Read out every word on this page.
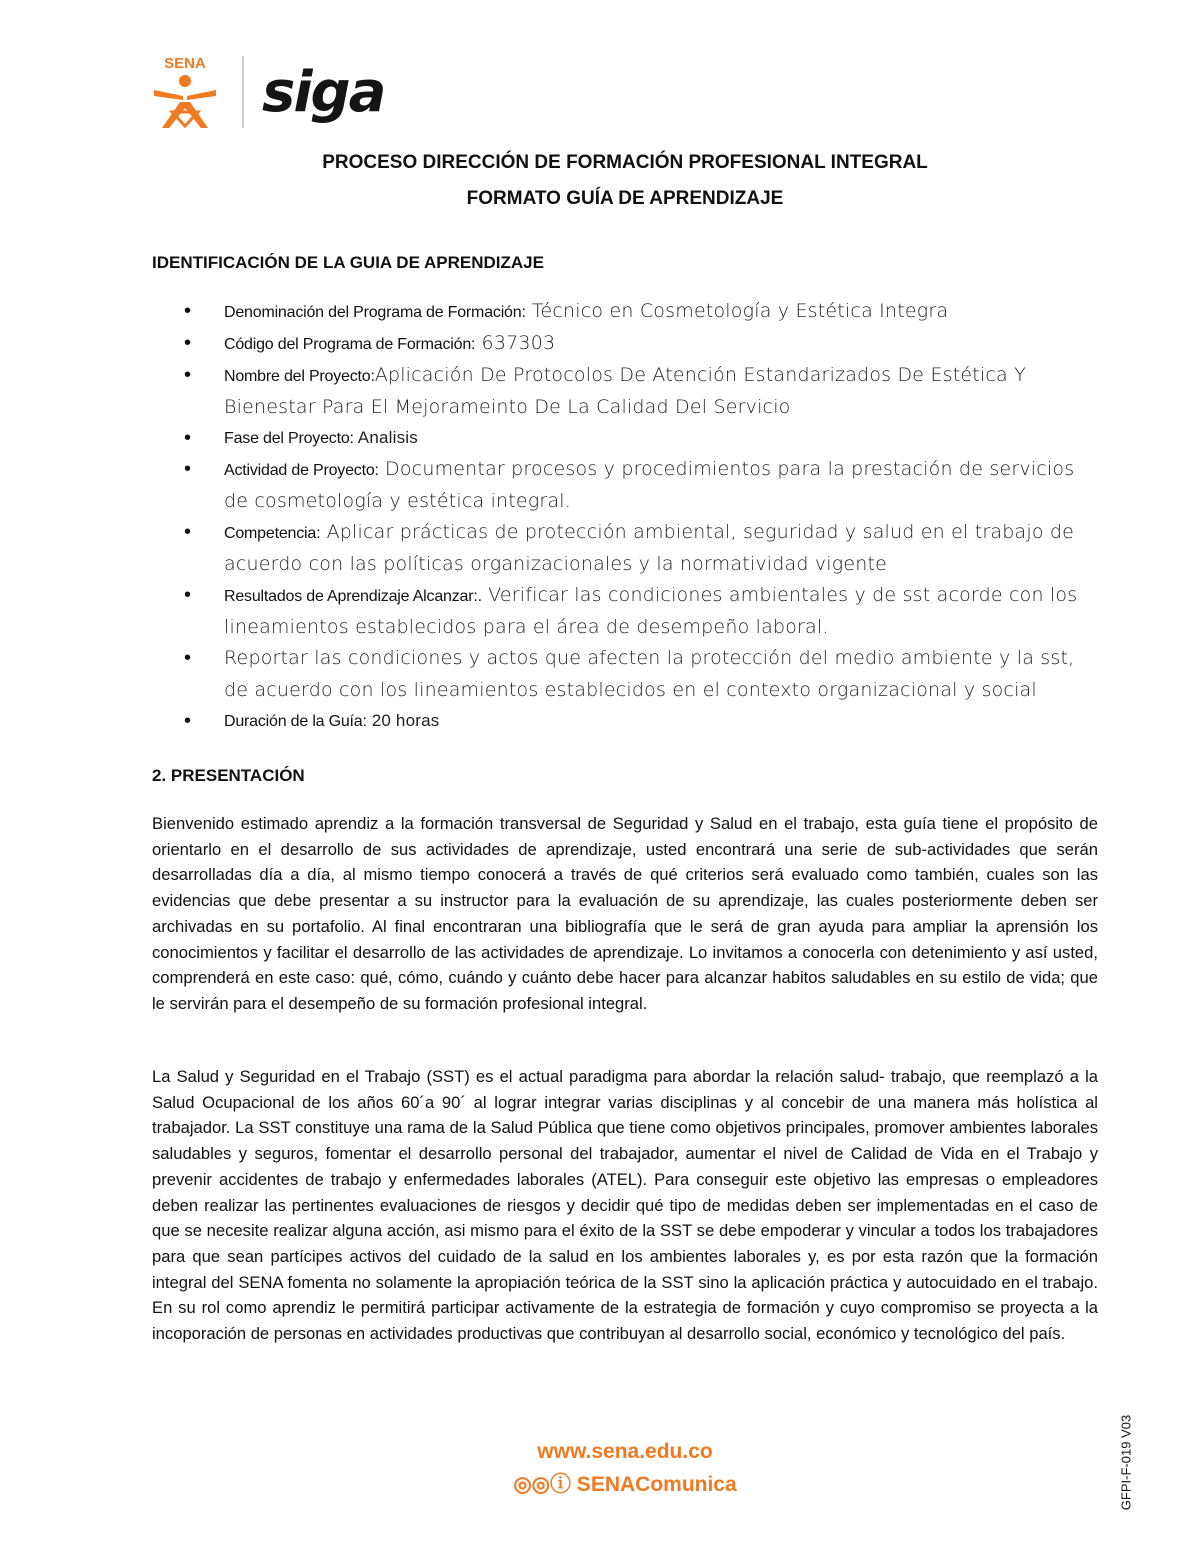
SENA siga
PROCESO DIRECCIÓN DE FORMACIÓN PROFESIONAL INTEGRAL
FORMATO GUÍA DE APRENDIZAJE
IDENTIFICACIÓN DE LA GUIA DE APRENDIZAJE
• Denominación del Programa de Formación: Técnico en Cosmetología y Estética Integra
• Código del Programa de Formación: 637303
• Nombre del Proyecto:Aplicación De Protocolos De Atención Estandarizados De Estética Y Bienestar Para El Mejorameinto De La Calidad Del Servicio
• Fase del Proyecto: Analisis
• Actividad de Proyecto: Documentar procesos y procedimientos para la prestación de servicios de cosmetología y estética integral.
• Competencia: Aplicar prácticas de protección ambiental, seguridad y salud en el trabajo de acuerdo con las políticas organizacionales y la normatividad vigente
• Resultados de Aprendizaje Alcanzar:. Verificar las condiciones ambientales y de sst acorde con los lineamientos establecidos para el área de desempeño laboral.
• Reportar las condiciones y actos que afecten la protección del medio ambiente y la sst, de acuerdo con los lineamientos establecidos en el contexto organizacional y social
• Duración de la Guía: 20 horas
2. PRESENTACIÓN
Bienvenido estimado aprendiz a la formación transversal de Seguridad y Salud en el trabajo, esta guía tiene el propósito de orientarlo en el desarrollo de sus actividades de aprendizaje, usted encontrará una serie de sub-actividades que serán desarrolladas día a día, al mismo tiempo conocerá a través de qué criterios será evaluado como también, cuales son las evidencias que debe presentar a su instructor para la evaluación de su aprendizaje, las cuales posteriormente deben ser archivadas en su portafolio. Al final encontraran una bibliografía que le será de gran ayuda para ampliar la aprensión los conocimientos y facilitar el desarrollo de las actividades de aprendizaje. Lo invitamos a conocerla con detenimiento y así usted, comprenderá en este caso: qué, cómo, cuándo y cuánto debe hacer para alcanzar habitos saludables en su estilo de vida; que le servirán para el desempeño de su formación profesional integral.
La Salud y Seguridad en el Trabajo (SST) es el actual paradigma para abordar la relación salud- trabajo, que reemplazó a la Salud Ocupacional de los años 60´a 90´ al lograr integrar varias disciplinas y al concebir de una manera más holística al trabajador. La SST constituye una rama de la Salud Pública que tiene como objetivos principales, promover ambientes laborales saludables y seguros, fomentar el desarrollo personal del trabajador, aumentar el nivel de Calidad de Vida en el Trabajo y prevenir accidentes de trabajo y enfermedades laborales (ATEL). Para conseguir este objetivo las empresas o empleadores deben realizar las pertinentes evaluaciones de riesgos y decidir qué tipo de medidas deben ser implementadas en el caso de que se necesite realizar alguna acción, asi mismo para el éxito de la SST se debe empoderar y vincular a todos los trabajadores para que sean partícipes activos del cuidado de la salud en los ambientes laborales y, es por esta razón que la formación integral del SENA fomenta no solamente la apropiación teórica de la SST sino la aplicación práctica y autocuidado en el trabajo. En su rol como aprendiz le permitirá participar activamente de la estrategia de formación y cuyo compromiso se proyecta a la incoporación de personas en actividades productivas que contribuyan al desarrollo social, económico y tecnológico del país.
www.sena.edu.co
◎◎ⓘ SENAComunica	GFPI-F-019 V03
